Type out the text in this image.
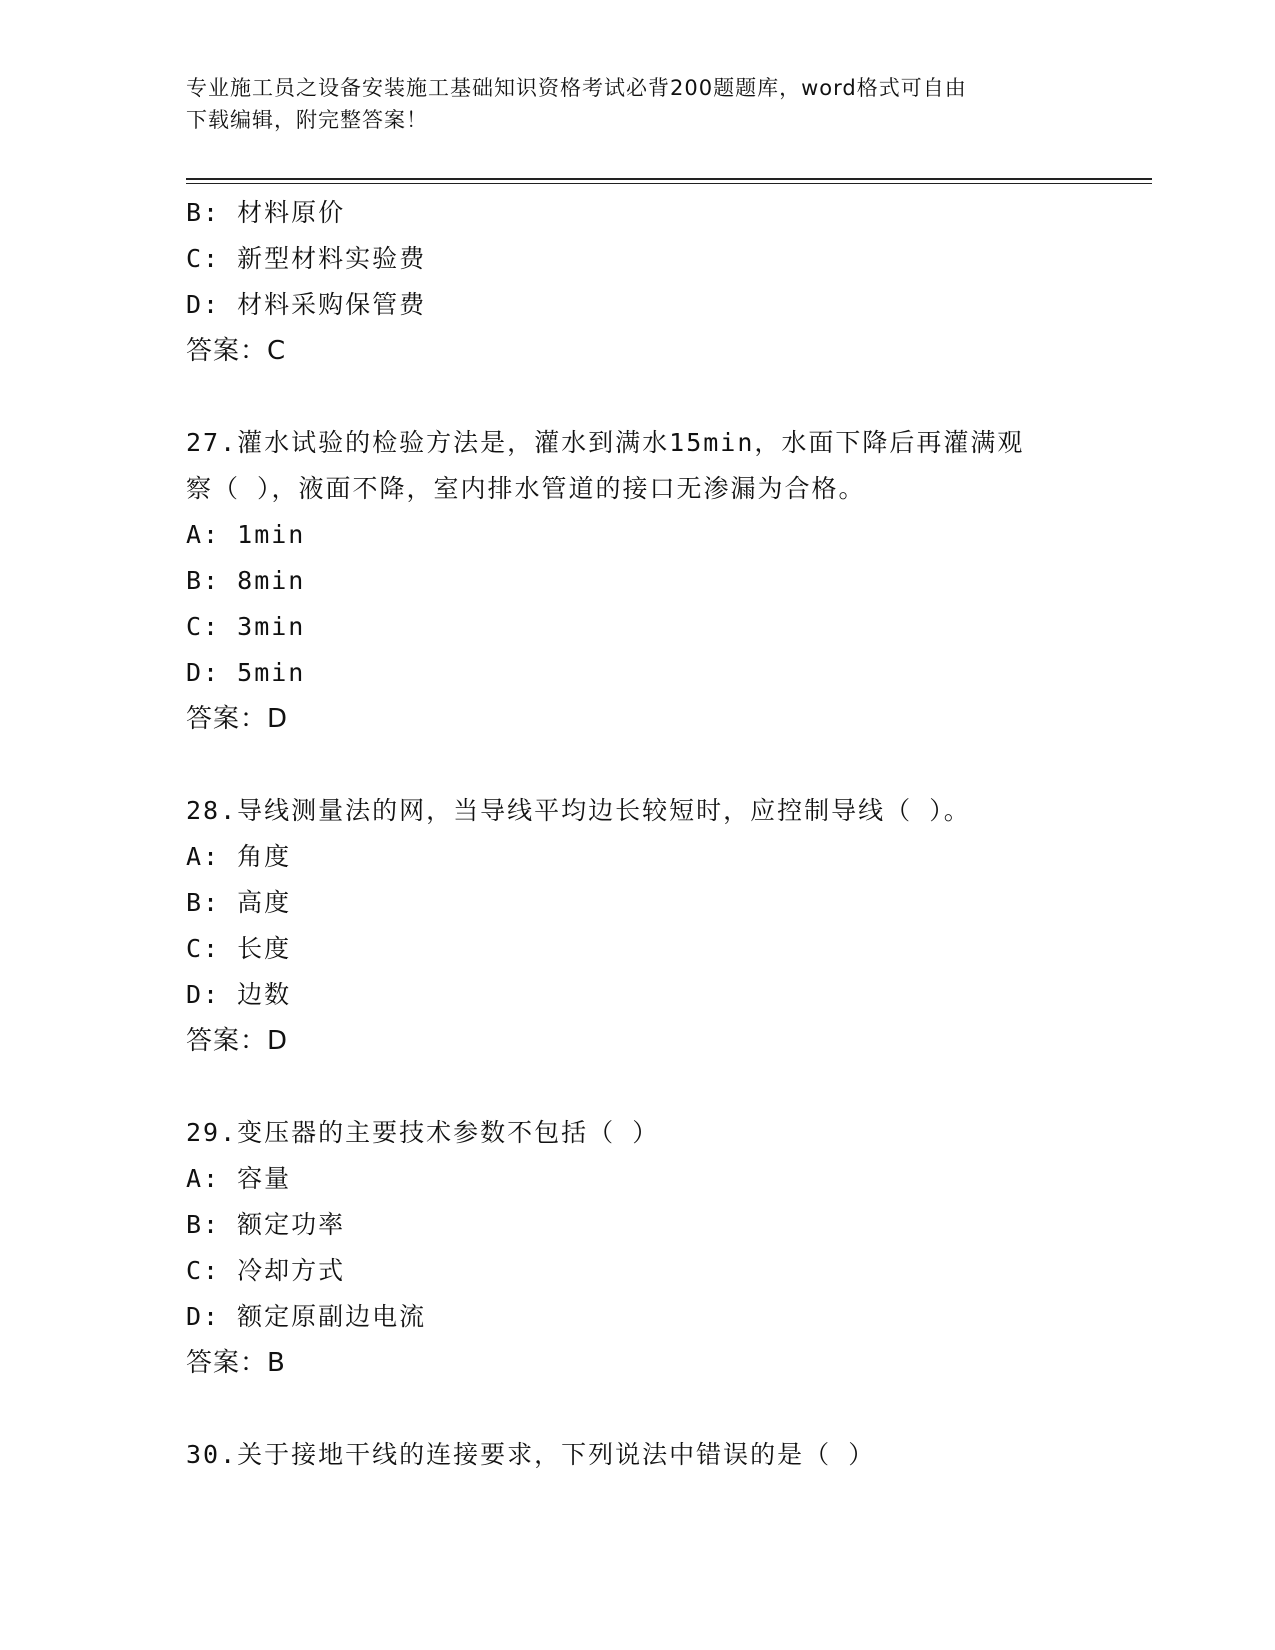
专业施工员之设备安装施工基础知识资格考试必背200题题库，word格式可自由
下载编辑，附完整答案！
B: 材料原价
C: 新型材料实验费
D: 材料采购保管费
答案：C
27.灌水试验的检验方法是，灌水到满水15min，水面下降后再灌满观
察（ ），液面不降，室内排水管道的接口无渗漏为合格。
A: 1min
B: 8min
C: 3min
D: 5min
答案：D
28.导线测量法的网，当导线平均边长较短时，应控制导线（ ）。
A: 角度
B: 高度
C: 长度
D: 边数
答案：D
29.变压器的主要技术参数不包括（ ）
A: 容量
B: 额定功率
C: 冷却方式
D: 额定原副边电流
答案：B
30.关于接地干线的连接要求，下列说法中错误的是（ ）
